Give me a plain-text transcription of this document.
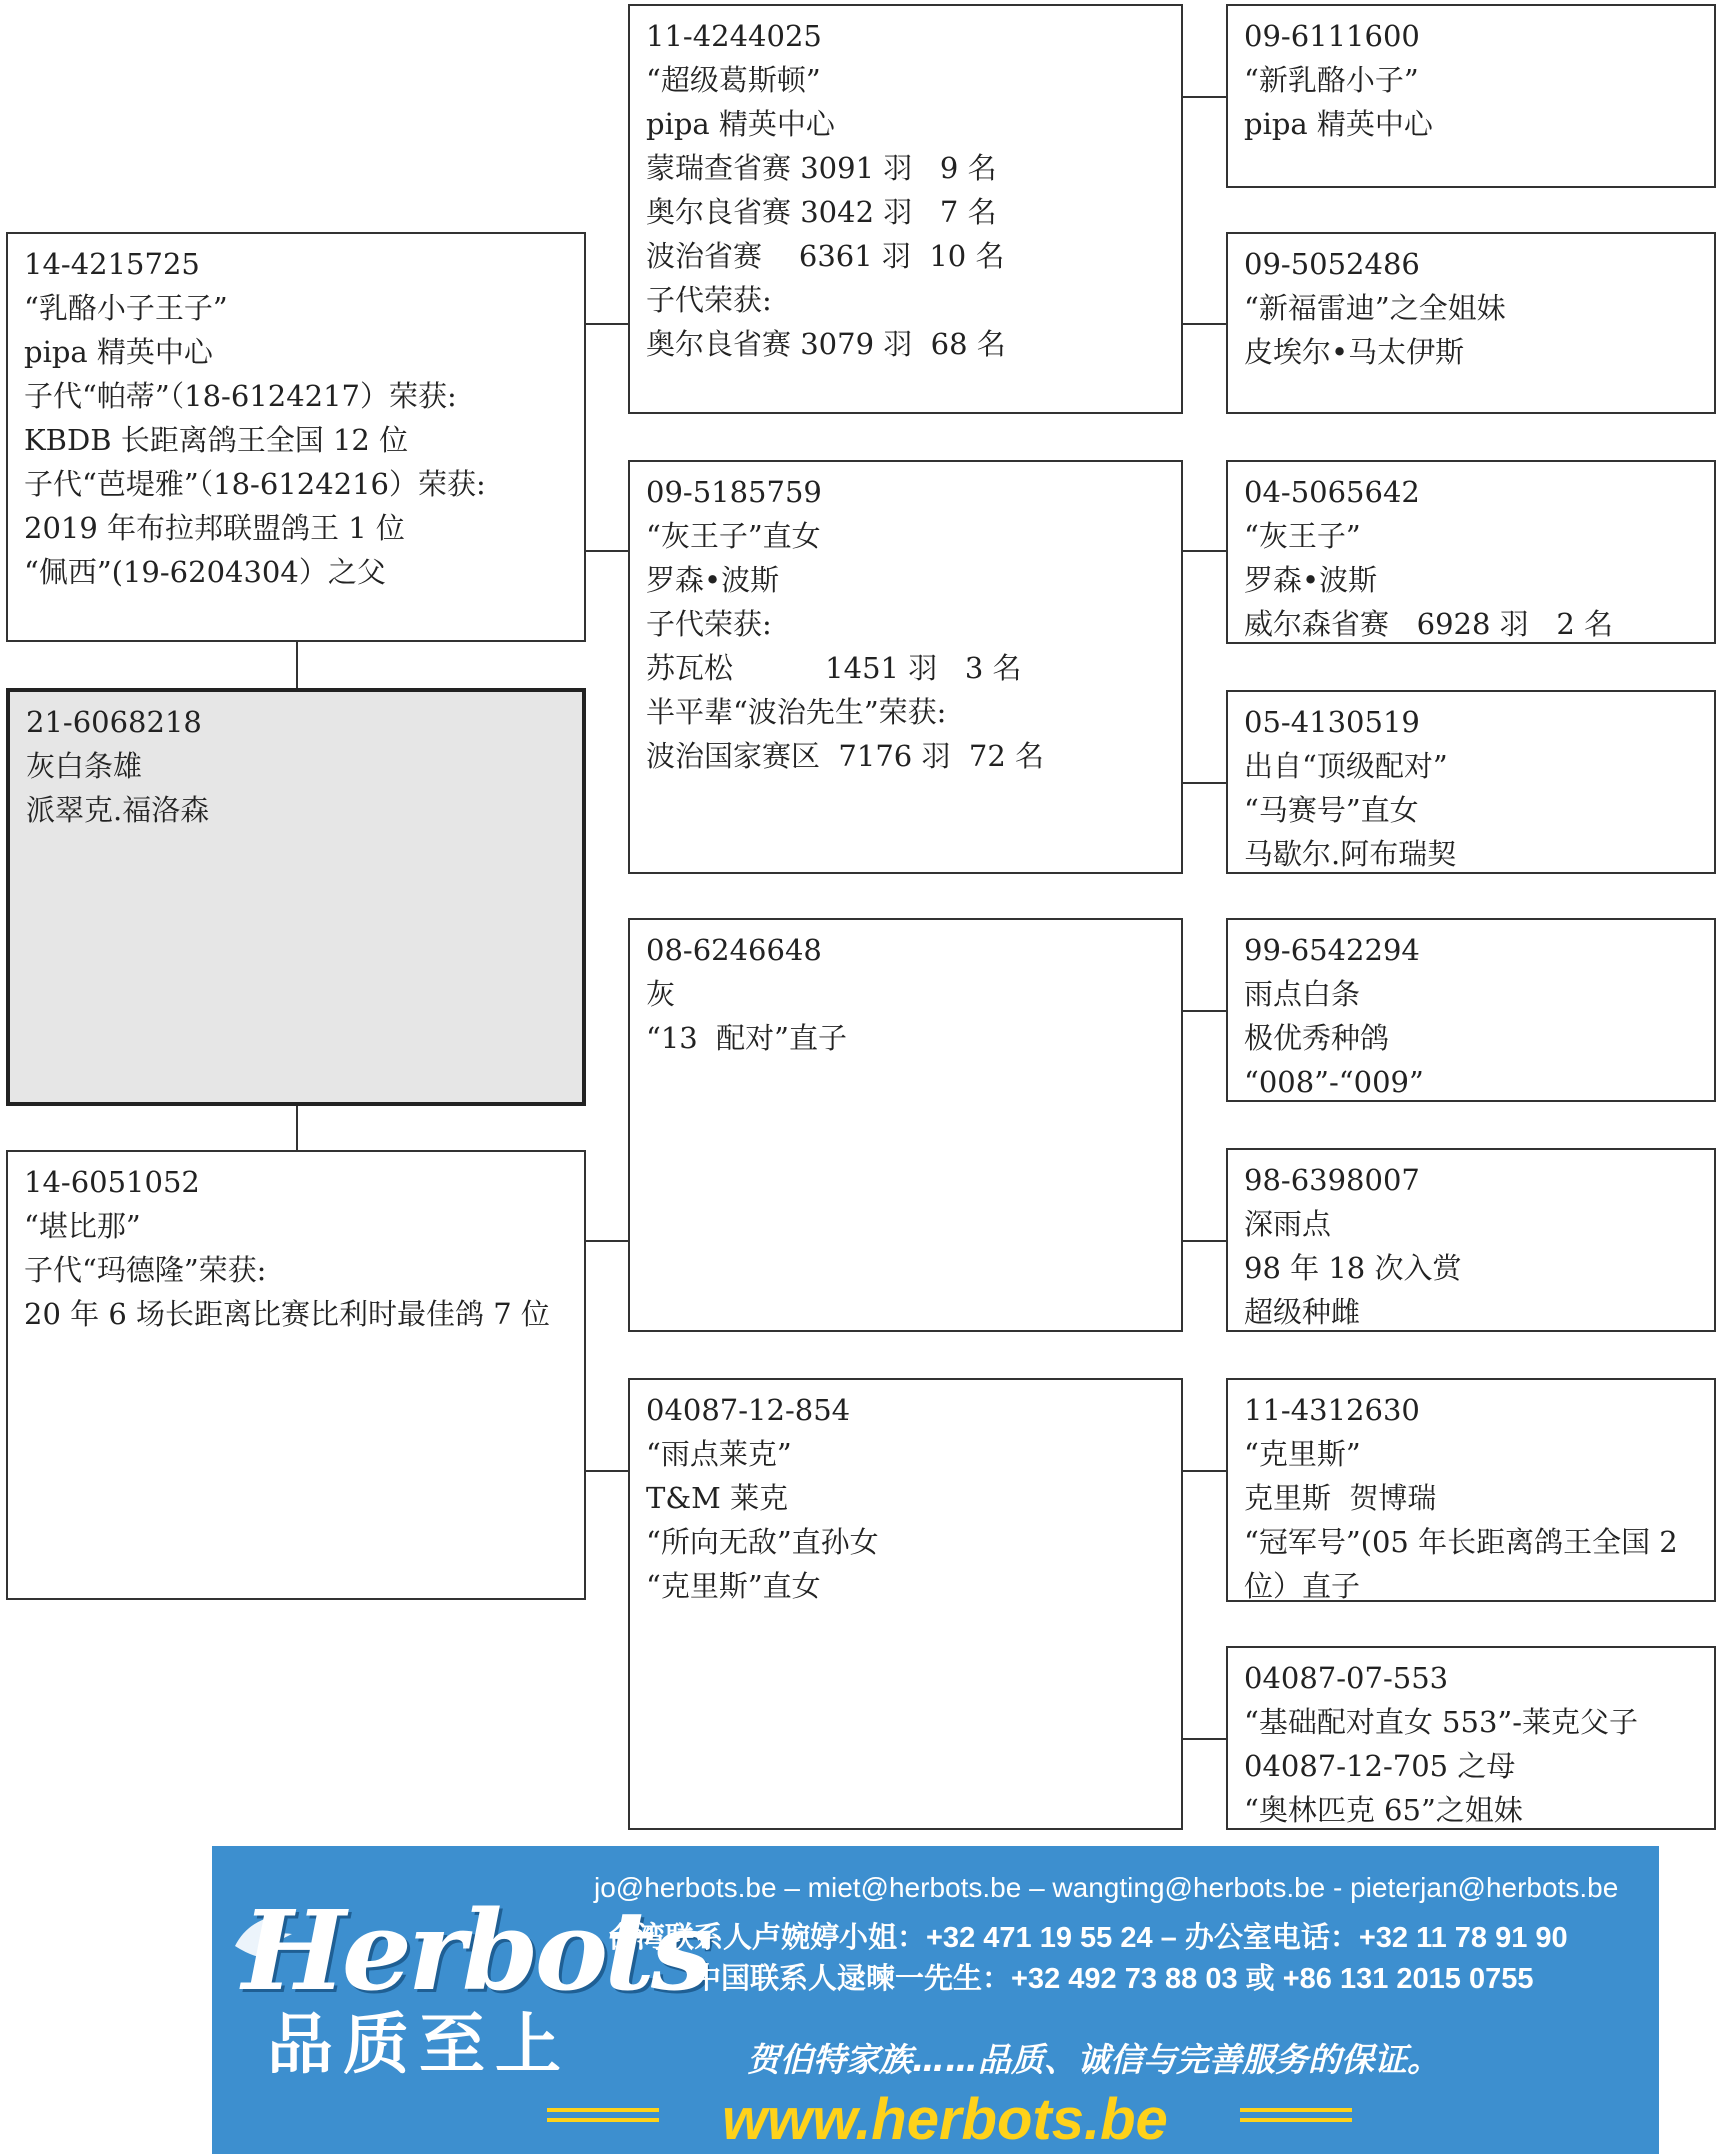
11-4244025
“超级葛斯顿”
pipa 精英中心
蒙瑞查省赛 3091 羽   9 名
奥尔良省赛 3042 羽   7 名
波治省赛    6361 羽  10 名
子代荣获:
奥尔良省赛 3079 羽  68 名
09-6111600
“新乳酪小子”
pipa 精英中心
09-5052486
“新福雷迪”之全姐妹
皮埃尔•马太伊斯
14-4215725
“乳酪小子王子”
pipa 精英中心
子代“帕蒂”（18-6124217）荣获:
KBDB 长距离鸽王全国 12 位
子代“芭堤雅”（18-6124216）荣获:
2019 年布拉邦联盟鸽王 1 位
“佩西”(19-6204304）之父
09-5185759
“灰王子”直女
罗森•波斯
子代荣获:
苏瓦松          1451 羽   3 名
半平辈“波治先生”荣获:
波治国家赛区  7176 羽  72 名
04-5065642
“灰王子”
罗森•波斯
威尔森省赛   6928 羽   2 名
05-4130519
出自“顶级配对”
“马赛号”直女
马歇尔.阿布瑞契
21-6068218
灰白条雄
派翠克.福洛森
08-6246648
灰
“13  配对”直子
99-6542294
雨点白条
极优秀种鸽
“008”-“009”
98-6398007
深雨点
98 年 18 次入赏
超级种雌
14-6051052
“堪比那”
子代“玛德隆”荣获:
20 年 6 场长距离比赛比利时最佳鸽 7 位
04087-12-854
“雨点莱克”
T&M 莱克
“所向无敌”直孙女
“克里斯”直女
11-4312630
“克里斯”
克里斯  贺博瑞
“冠军号”(05 年长距离鸽王全国 2 位）直子
04087-07-553
“基础配对直女 553”-莱克父子
04087-12-705 之母
“奥林匹克 65”之姐妹
Herbots
品质至上
jo@herbots.be – miet@herbots.be – wangting@herbots.be - pieterjan@herbots.be
台湾联系人卢婉婷小姐：+32 471 19 55 24 – 办公室电话：+32 11 78 91 90
中国联系人逯暕一先生：+32 492 73 88 03 或 +86 131 2015 0755
贺伯特家族……品质、诚信与完善服务的保证。
www.herbots.be
